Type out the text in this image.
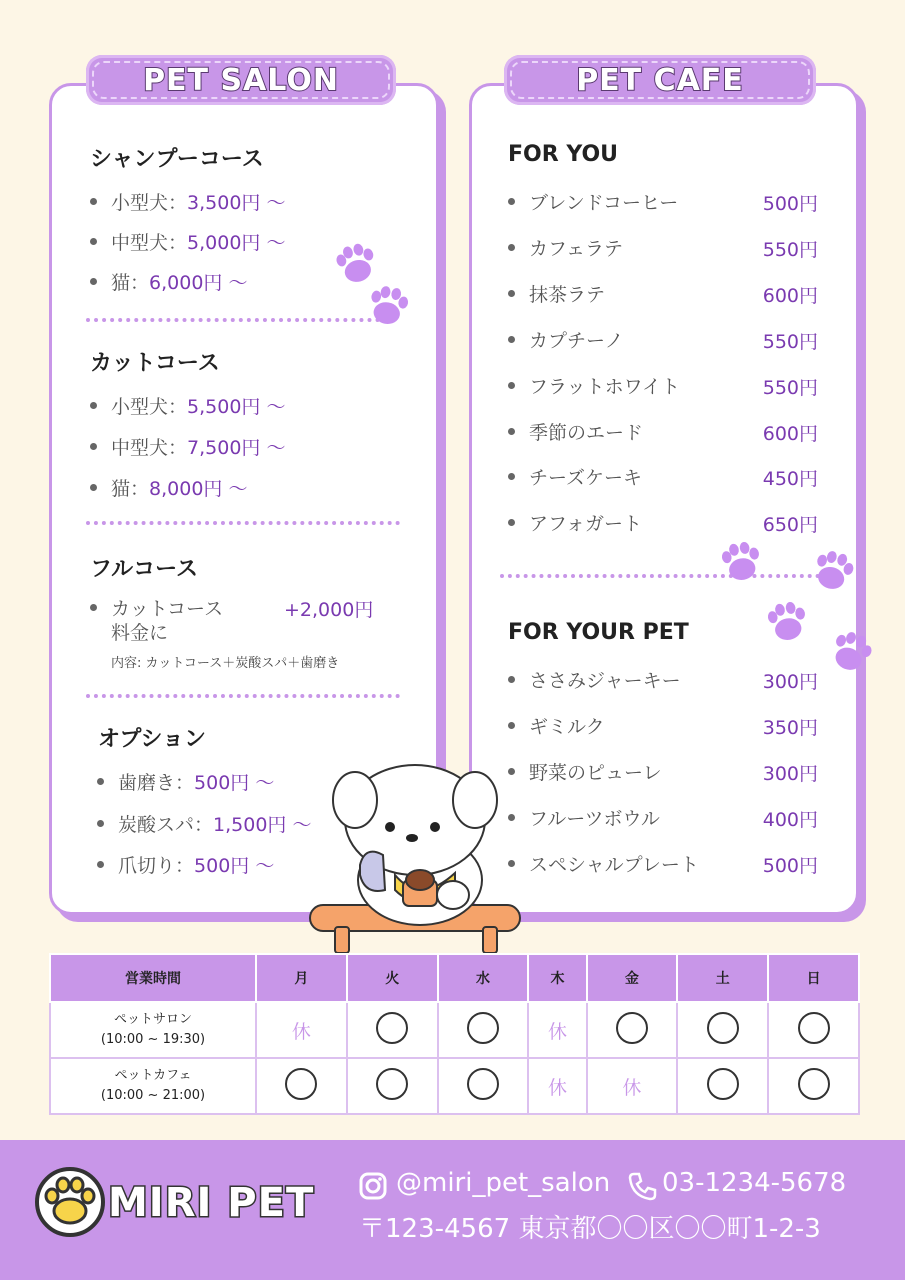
PET SALON	PET CAFE
シャンプーコース
小型犬： 3,500円 〜
中型犬： 5,000円 〜
猫： 6,000円 〜
カットコース
小型犬： 5,500円 〜
中型犬： 7,500円 〜
猫： 8,000円 〜
フルコース
カットコース
料金に
+2,000円
内容: カットコース＋炭酸スパ＋歯磨き
オプション
歯磨き： 500円 〜
炭酸スパ： 1,500円 〜
爪切り： 500円 〜
FOR YOU
ブレンドコーヒー	500円
カフェラテ	550円
抹茶ラテ	600円
カプチーノ	550円
フラットホワイト	550円
季節のエード	600円
チーズケーキ	450円
アフォガート	650円
FOR YOUR PET
ささみジャーキー	300円
ギミルク	350円
野菜のピューレ	300円
フルーツボウル	400円
スペシャルプレート	500円
営業時間	月	火	水	木	金	土	日

ペットサロン
(10:00 ~ 19:30)	休			休			

ペットカフェ
(10:00 ~ 21:00)				休	休		
MIRI PET	@miri_pet_salon 03-1234-5678
〒123-4567 東京都〇〇区〇〇町1-2-3
